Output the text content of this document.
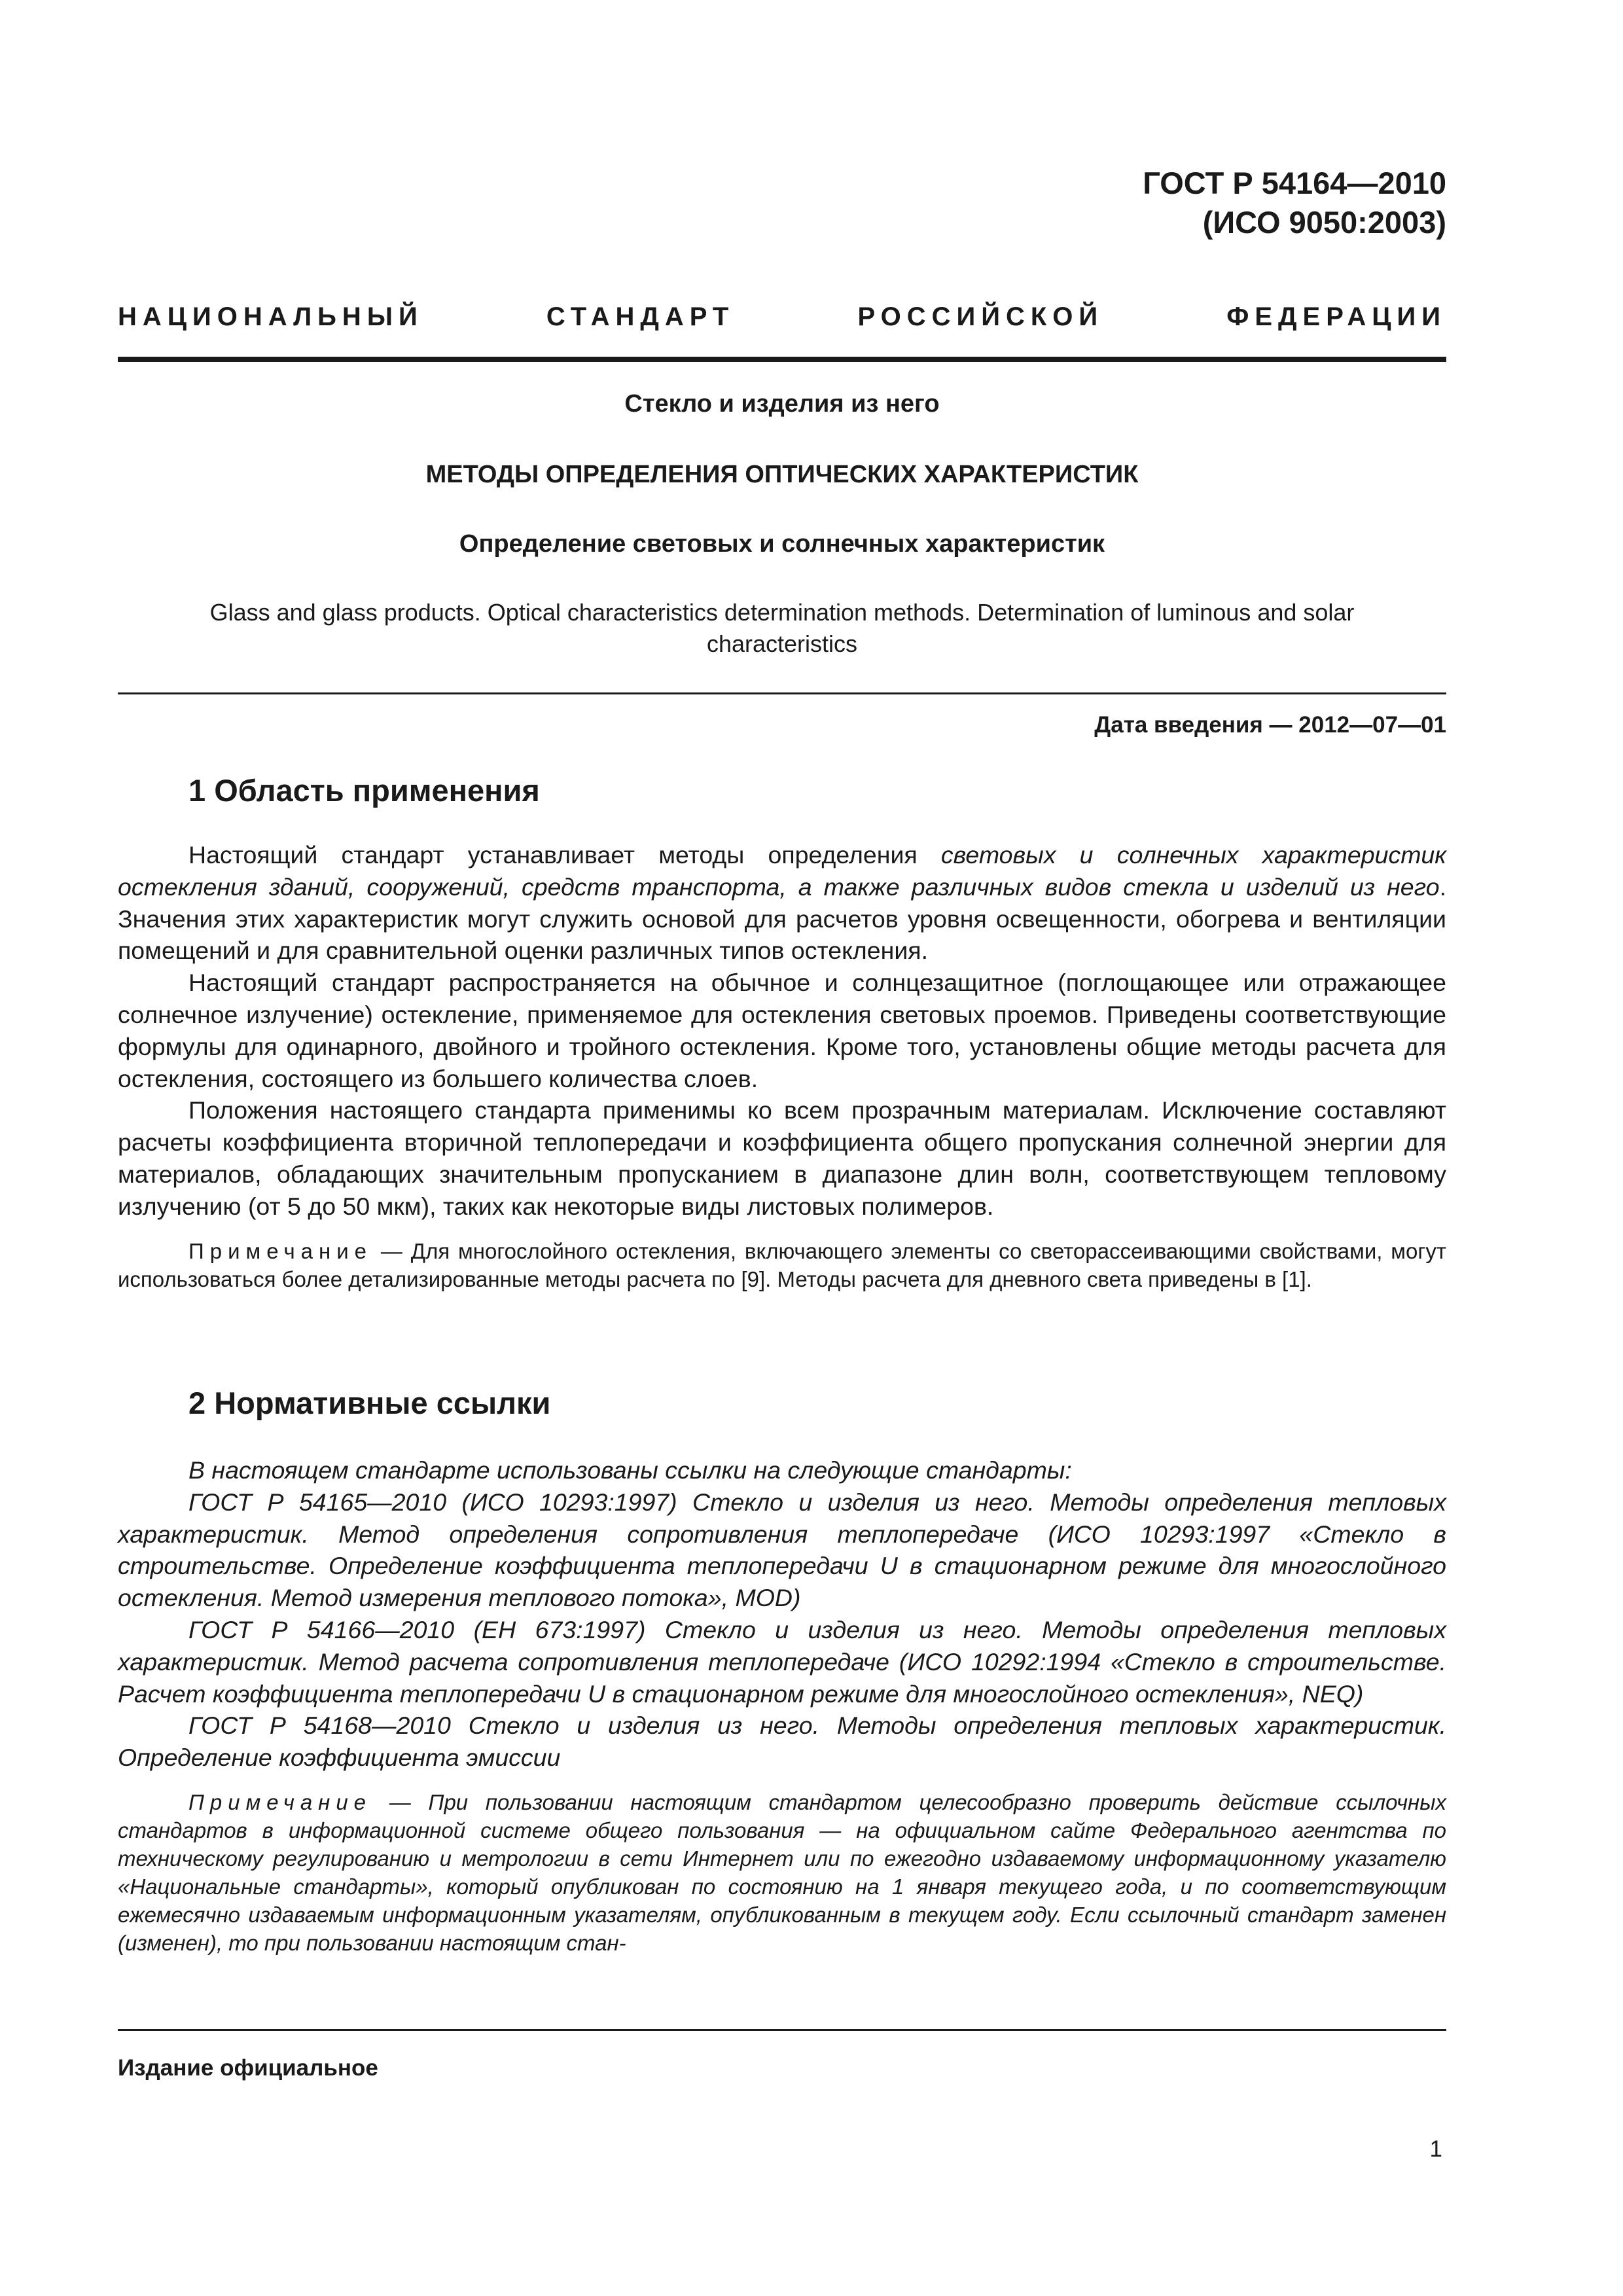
ГОСТ Р 54164—2010
(ИСО 9050:2003)
НАЦИОНАЛЬНЫЙ	СТАНДАРТ	РОССИЙСКОЙ	ФЕДЕРАЦИИ
Стекло и изделия из него
МЕТОДЫ ОПРЕДЕЛЕНИЯ ОПТИЧЕСКИХ ХАРАКТЕРИСТИК
Определение световых и солнечных характеристик
Glass and glass products. Optical characteristics determination methods. Determination of luminous and solar characteristics
Дата введения — 2012—07—01
1 Область применения

Настоящий стандарт устанавливает методы определения световых и солнечных характеристик остекления зданий, сооружений, средств транспорта, а также различных видов стекла и изделий из него. Значения этих характеристик могут служить основой для расчетов уровня освещенности, обогрева и вентиляции помещений и для сравнительной оценки различных типов остекления.

Настоящий стандарт распространяется на обычное и солнцезащитное (поглощающее или отражающее солнечное излучение) остекление, применяемое для остекления световых проемов. Приведены соответствующие формулы для одинарного, двойного и тройного остекления. Кроме того, установлены общие методы расчета для остекления, состоящего из большего количества слоев.

Положения настоящего стандарта применимы ко всем прозрачным материалам. Исключение составляют расчеты коэффициента вторичной теплопередачи и коэффициента общего пропускания солнечной энергии для материалов, обладающих значительным пропусканием в диапазоне длин волн, соответствующем тепловому излучению (от 5 до 50 мкм), таких как некоторые виды листовых полимеров.

Примечание — Для многослойного остекления, включающего элементы со светорассеивающими свойствами, могут использоваться более детализированные методы расчета по [9]. Методы расчета для дневного света приведены в [1].
2 Нормативные ссылки

В настоящем стандарте использованы ссылки на следующие стандарты:

ГОСТ Р 54165—2010 (ИСО 10293:1997) Стекло и изделия из него. Методы определения тепловых характеристик. Метод определения сопротивления теплопередаче (ИСО 10293:1997 «Стекло в строительстве. Определение коэффициента теплопередачи U в стационарном режиме для многослойного остекления. Метод измерения теплового потока», MOD)

ГОСТ Р 54166—2010 (ЕН 673:1997) Стекло и изделия из него. Методы определения тепловых характеристик. Метод расчета сопротивления теплопередаче (ИСО 10292:1994 «Стекло в строительстве. Расчет коэффициента теплопередачи U в стационарном режиме для многослойного остекления», NEQ)

ГОСТ Р 54168—2010 Стекло и изделия из него. Методы определения тепловых характеристик. Определение коэффициента эмиссии

Примечание — При пользовании настоящим стандартом целесообразно проверить действие ссылочных стандартов в информационной системе общего пользования — на официальном сайте Федерального агентства по техническому регулированию и метрологии в сети Интернет или по ежегодно издаваемому информационному указателю «Национальные стандарты», который опубликован по состоянию на 1 января текущего года, и по соответствующим ежемесячно издаваемым информационным указателям, опубликованным в текущем году. Если ссылочный стандарт заменен (изменен), то при пользовании настоящим стан-
Издание официальное
1
